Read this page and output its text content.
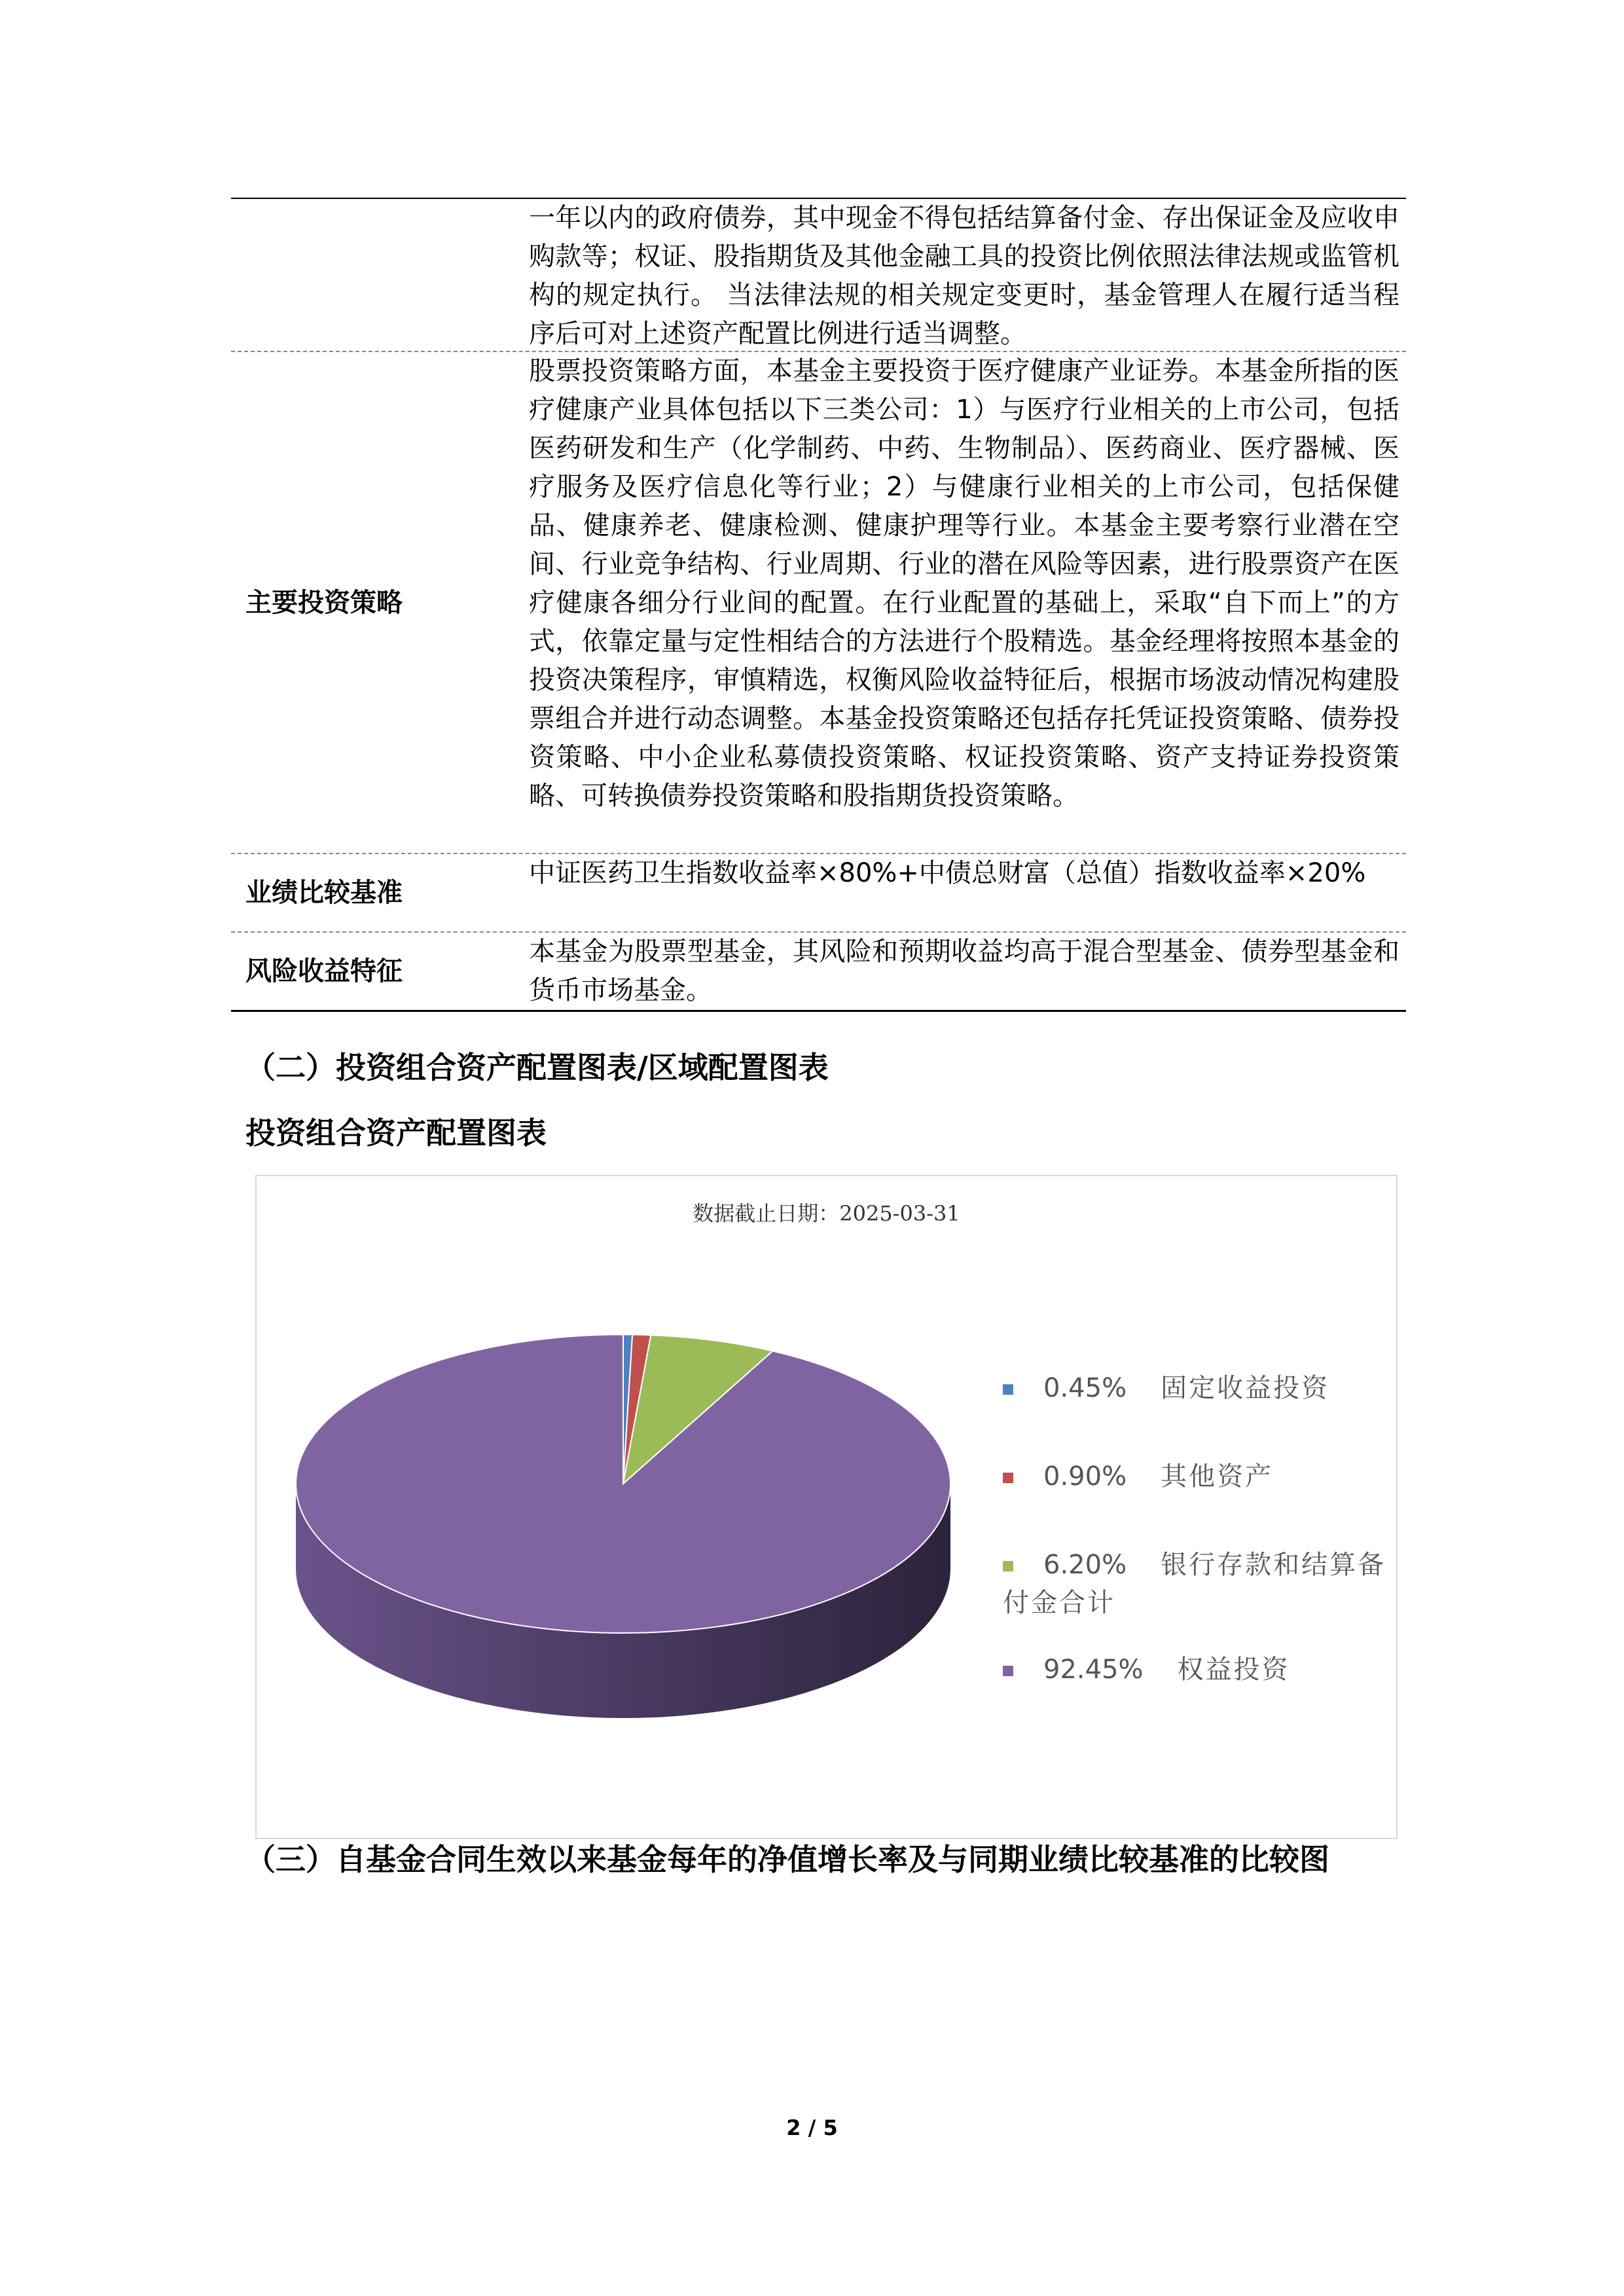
一年以内的政府债券，其中现金不得包括结算备付金、存出保证金及应收申购款等；权证、股指期货及其他金融工具的投资比例依照法律法规或监管机构的规定执行。 当法律法规的相关规定变更时，基金管理人在履行适当程序后可对上述资产配置比例进行适当调整。
主要投资策略
股票投资策略方面，本基金主要投资于医疗健康产业证券。本基金所指的医疗健康产业具体包括以下三类公司：1）与医疗行业相关的上市公司，包括医药研发和生产（化学制药、中药、生物制品）、医药商业、医疗器械、医疗服务及医疗信息化等行业；2）与健康行业相关的上市公司，包括保健品、健康养老、健康检测、健康护理等行业。本基金主要考察行业潜在空间、行业竞争结构、行业周期、行业的潜在风险等因素，进行股票资产在医疗健康各细分行业间的配置。在行业配置的基础上，采取“自下而上”的方式，依靠定量与定性相结合的方法进行个股精选。基金经理将按照本基金的投资决策程序，审慎精选，权衡风险收益特征后，根据市场波动情况构建股票组合并进行动态调整。本基金投资策略还包括存托凭证投资策略、债券投资策略、中小企业私募债投资策略、权证投资策略、资产支持证券投资策略、可转换债券投资策略和股指期货投资策略。
业绩比较基准
中证医药卫生指数收益率×80%+中债总财富（总值）指数收益率×20%
风险收益特征
本基金为股票型基金，其风险和预期收益均高于混合型基金、债券型基金和货币市场基金。
（二）投资组合资产配置图表/区域配置图表
投资组合资产配置图表
数据截止日期：2025-03-31
0.45% 固定收益投资
0.90% 其他资产
6.20% 银行存款和结算备付金合计
92.45% 权益投资
（三）自基金合同生效以来基金每年的净值增长率及与同期业绩比较基准的比较图
2 / 5
